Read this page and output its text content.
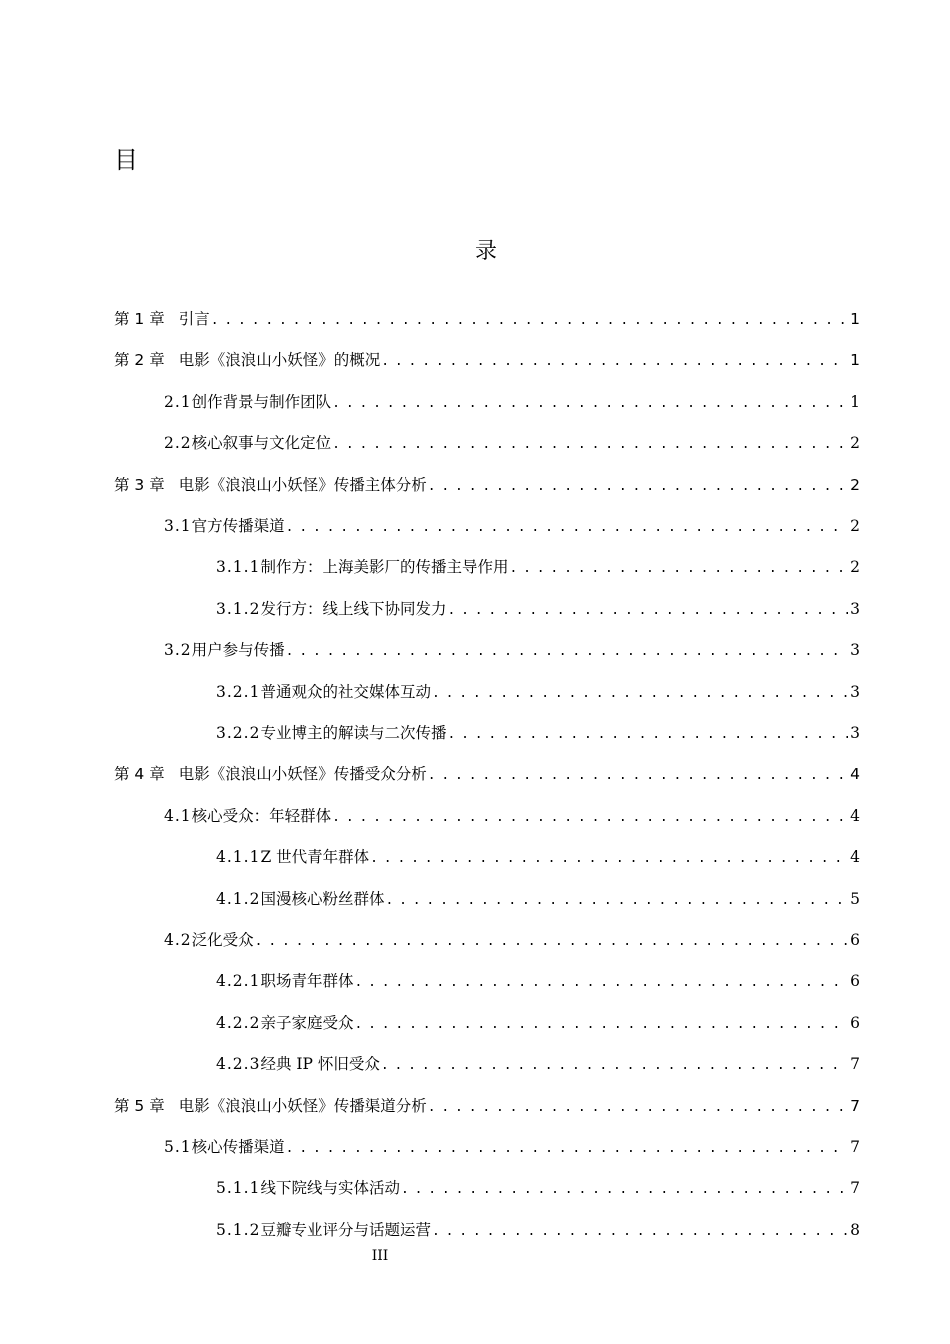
目
录
第 1 章 引言 . . .	1
第 2 章 电影《浪浪山小妖怪》的概况 . . .	1
2.1 创作背景与制作团队 . . .	1
2.2 核心叙事与文化定位 . . .	2
第 3 章 电影《浪浪山小妖怪》传播主体分析 . . .	2
3.1 官方传播渠道 . . .	2
3.1.1 制作方：上海美影厂的传播主导作用 . . .	2
3.1.2 发行方：线上线下协同发力 . . .	3
3.2 用户参与传播 . . .	3
3.2.1 普通观众的社交媒体互动 . . .	3
3.2.2 专业博主的解读与二次传播 . . .	3
第 4 章 电影《浪浪山小妖怪》传播受众分析 . . .	4
4.1 核心受众：年轻群体 . . .	4
4.1.1 Z 世代青年群体 . . .	4
4.1.2 国漫核心粉丝群体 . . .	5
4.2 泛化受众 . . .	6
4.2.1 职场青年群体 . . .	6
4.2.2 亲子家庭受众 . . .	6
4.2.3 经典 IP 怀旧受众 . . .	7
第 5 章 电影《浪浪山小妖怪》传播渠道分析 . . .	7
5.1 核心传播渠道 . . .	7
5.1.1 线下院线与实体活动 . . .	7
5.1.2 豆瓣专业评分与话题运营 . . .	8
III
